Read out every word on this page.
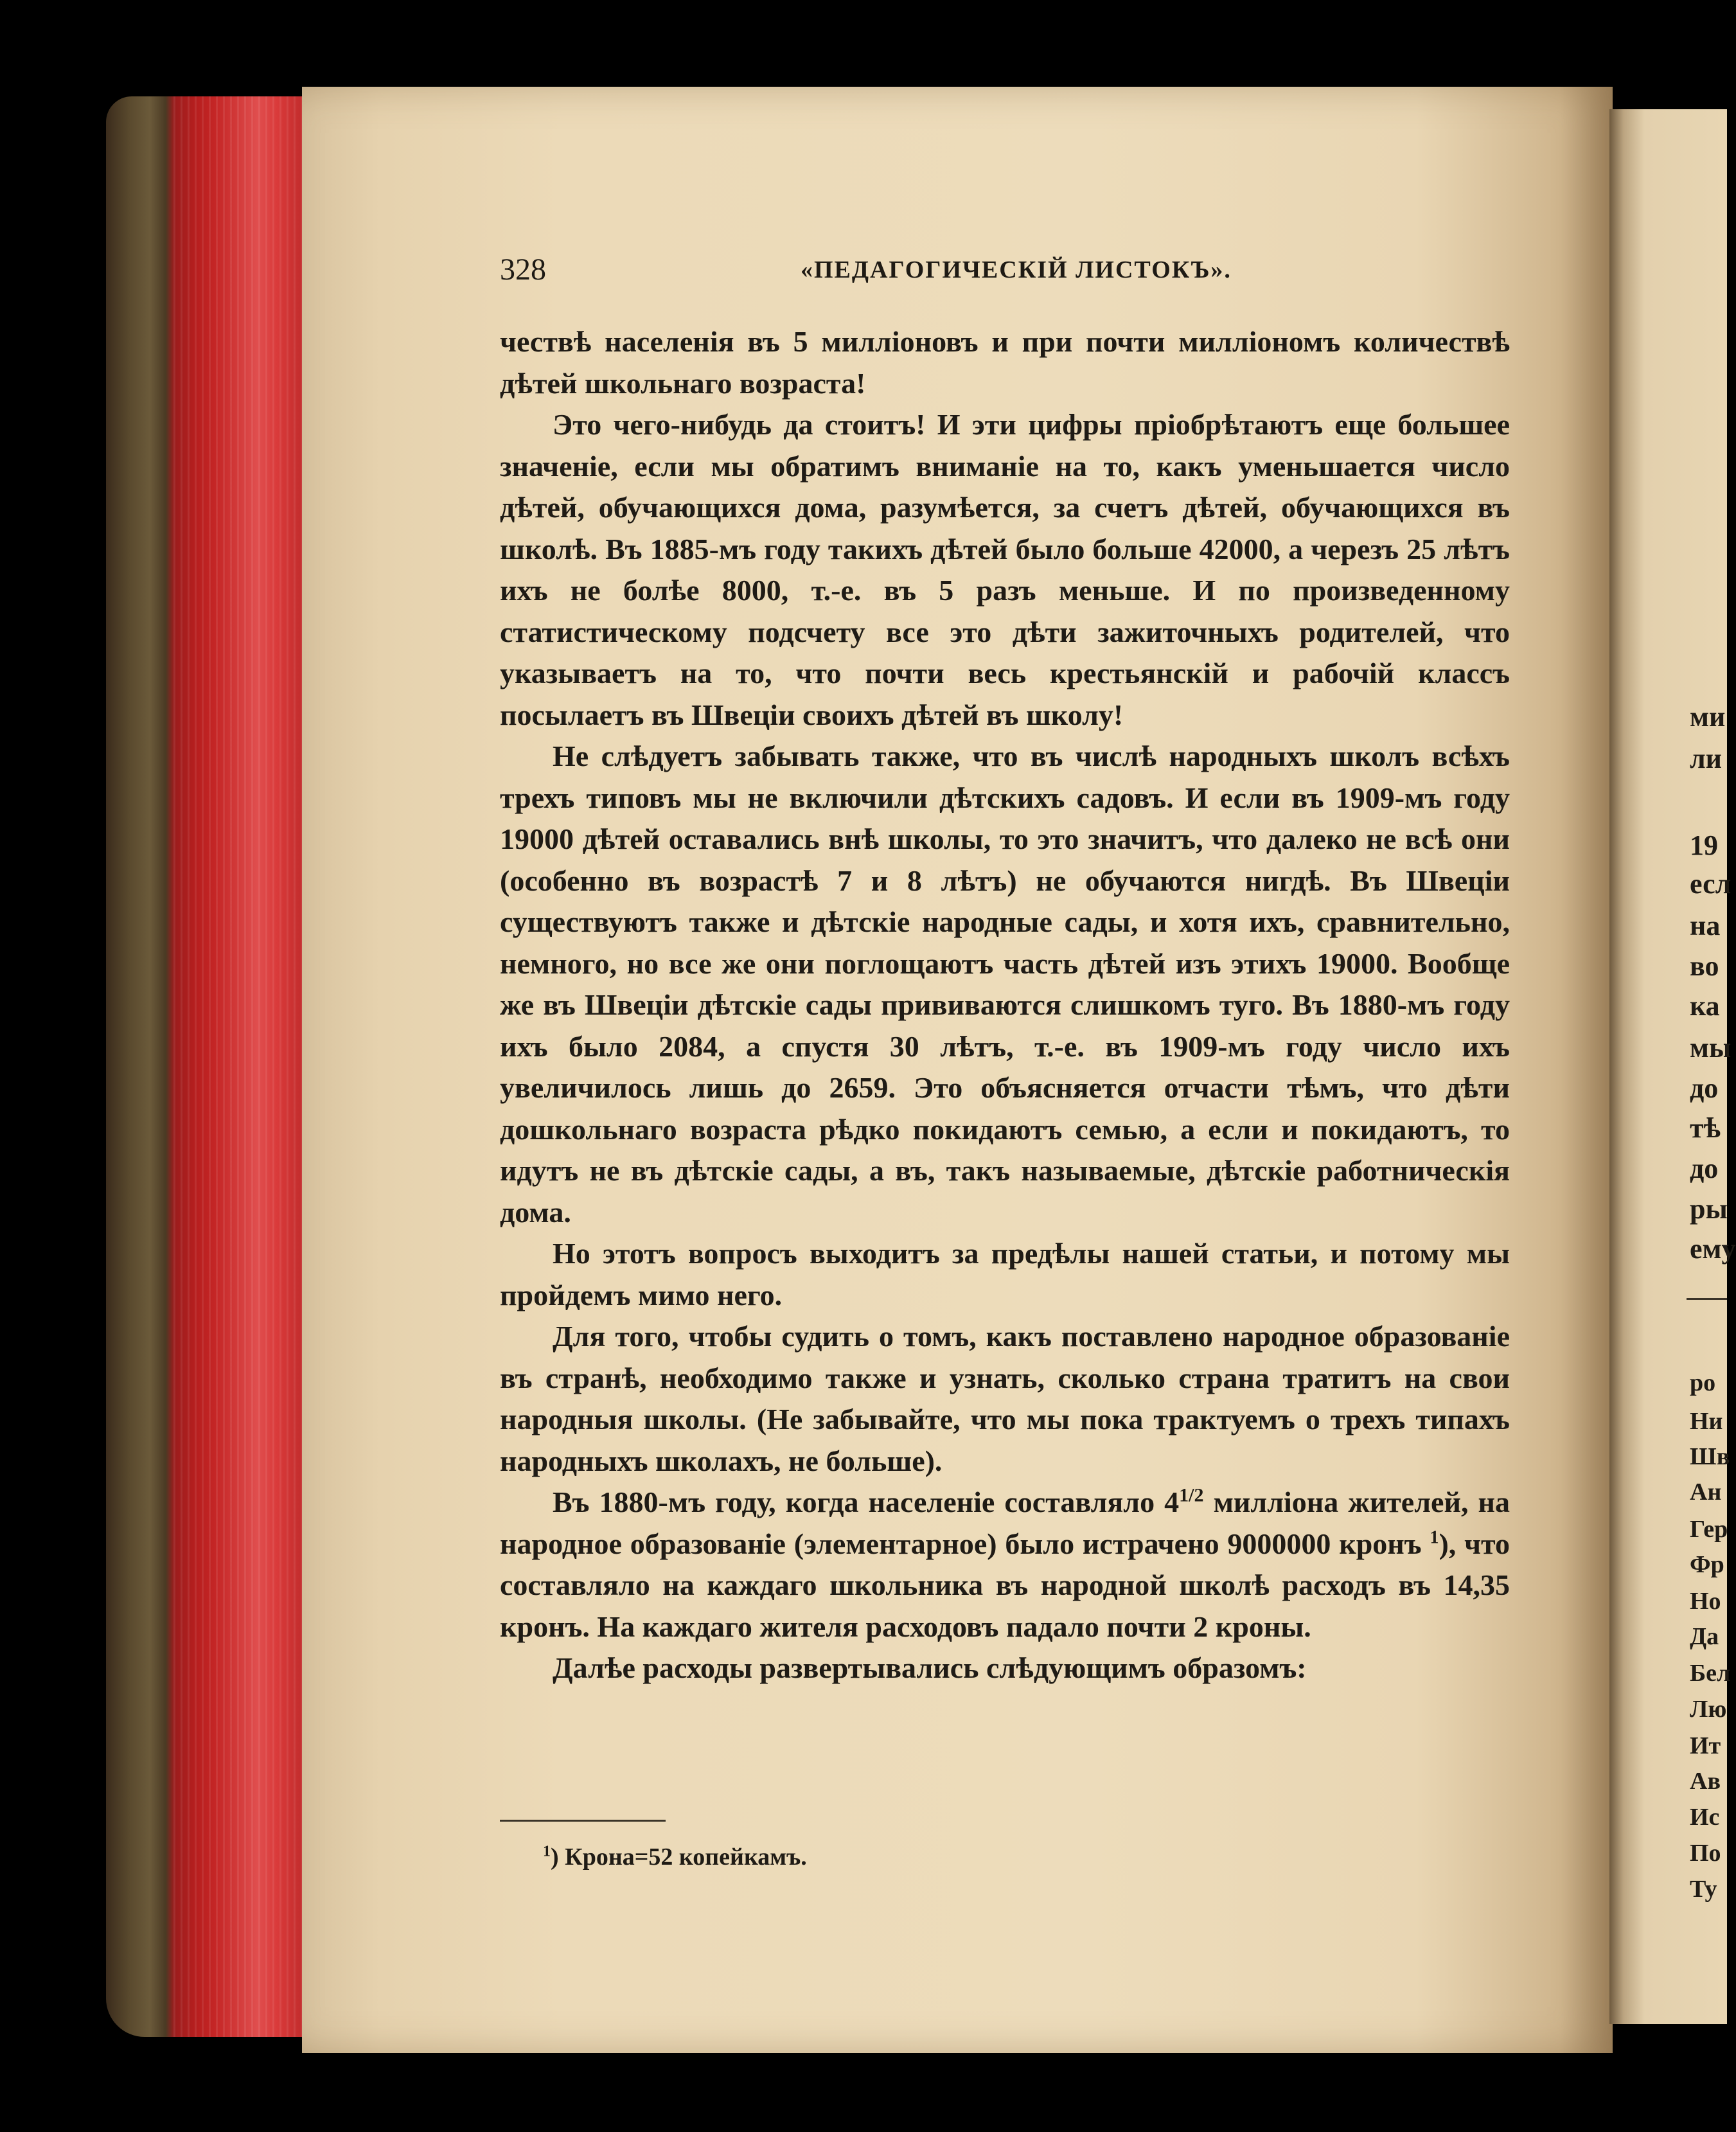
328	«ПЕДАГОГИЧЕСКІЙ ЛИСТОКЪ».

чествѣ населенія въ 5 милліоновъ и при почти милліономъ количествѣ дѣтей школьнаго возраста!

Это чего-нибудь да стоитъ! И эти цифры пріобрѣтаютъ еще большее значеніе, если мы обратимъ вниманіе на то, какъ уменьшается число дѣтей, обучающихся дома, разумѣется, за счетъ дѣтей, обучающихся въ школѣ. Въ 1885-мъ году такихъ дѣтей было больше 42000, а черезъ 25 лѣтъ ихъ не болѣе 8000, т.-е. въ 5 разъ меньше. И по произведенному статистическому подсчету все это дѣти зажиточныхъ родителей, что указываетъ на то, что почти весь крестьянскій и рабочій классъ посылаетъ въ Швеціи своихъ дѣтей въ школу!

Не слѣдуетъ забывать также, что въ числѣ народныхъ школъ всѣхъ трехъ типовъ мы не включили дѣтскихъ садовъ. И если въ 1909-мъ году 19000 дѣтей оставались внѣ школы, то это значитъ, что далеко не всѣ они (особенно въ возрастѣ 7 и 8 лѣтъ) не обучаются нигдѣ. Въ Швеціи существуютъ также и дѣтскіе народные сады, и хотя ихъ, сравнительно, немного, но все же они поглощаютъ часть дѣтей изъ этихъ 19000. Вообще же въ Швеціи дѣтскіе сады прививаются слишкомъ туго. Въ 1880-мъ году ихъ было 2084, а спустя 30 лѣтъ, т.-е. въ 1909-мъ году число ихъ увеличилось лишь до 2659. Это объясняется отчасти тѣмъ, что дѣти дошкольнаго возраста рѣдко покидаютъ семью, а если и покидаютъ, то идутъ не въ дѣтскіе сады, а въ, такъ называемые, дѣтскіе работническія дома.

Но этотъ вопросъ выходитъ за предѣлы нашей статьи, и потому мы пройдемъ мимо него.

Для того, чтобы судить о томъ, какъ поставлено народное образованіе въ странѣ, необходимо также и узнать, сколько страна тратитъ на свои народныя школы. (Не забывайте, что мы пока трактуемъ о трехъ типахъ народныхъ школахъ, не больше).

Въ 1880-мъ году, когда населеніе составляло $4^{1/2}$ милліона жителей, на народное образованіе (элементарное) было истрачено 9000000 кронъ $^1$), что составляло на каждаго школьника въ народной школѣ расходъ въ 14,35 кронъ. На каждаго жителя расходовъ падало почти 2 кроны.

Далѣе расходы развертывались слѣдующимъ образомъ:

$^1$) Крона=52 копейкамъ.
ми
ли
19
есл
на
во
ка
мы
до
тѣ
до
ры
ему
ро
Ни
Шв
Ан
Гер
Фр
Но
Да
Бел
Лю
Ит
Ав
Ис
По
Ту
